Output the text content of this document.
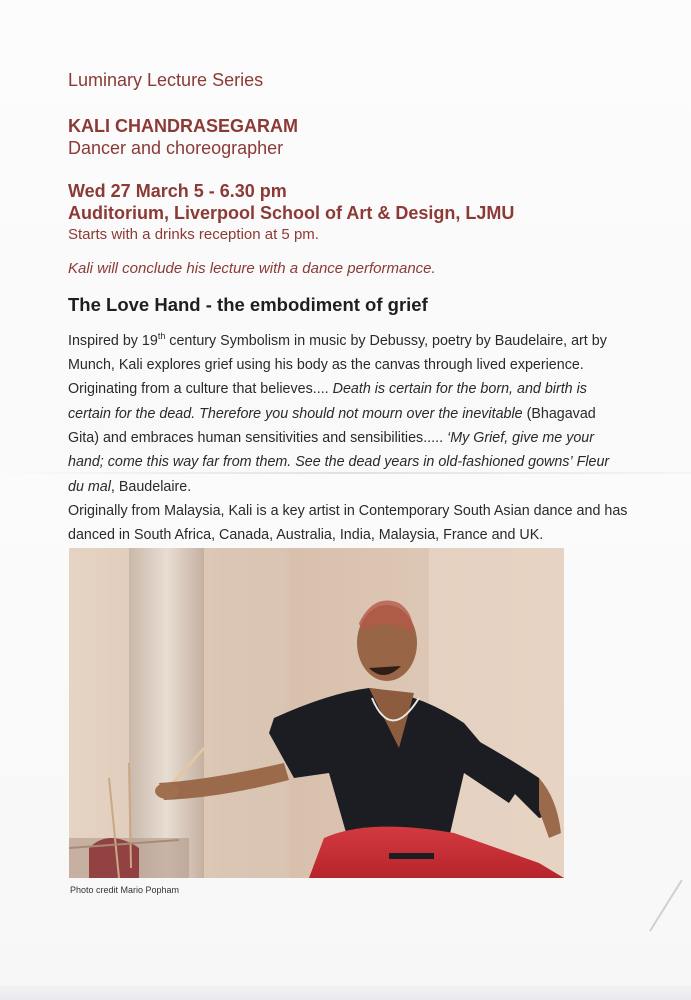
Luminary Lecture Series
KALI CHANDRASEGARAM
Dancer and choreographer
Wed 27 March 5 - 6.30 pm
Auditorium, Liverpool School of Art & Design, LJMU
Starts with a drinks reception at 5 pm.
Kali will conclude his lecture with a dance performance.
The Love Hand - the embodiment of grief

Inspired by 19th century Symbolism in music by Debussy, poetry by Baudelaire, art by Munch, Kali explores grief using his body as the canvas through lived experience. Originating from a culture that believes.... Death is certain for the born, and birth is certain for the dead. Therefore you should not mourn over the inevitable (Bhagavad Gita) and embraces human sensitivities and sensibilities..... ‘My Grief, give me your hand; come this way far from them. See the dead years in old-fashioned gowns’ Fleur du mal, Baudelaire.

Originally from Malaysia, Kali is a key artist in Contemporary South Asian dance and has danced in South Africa, Canada, Australia, India, Malaysia, France and UK.

Photo credit Mario Popham
